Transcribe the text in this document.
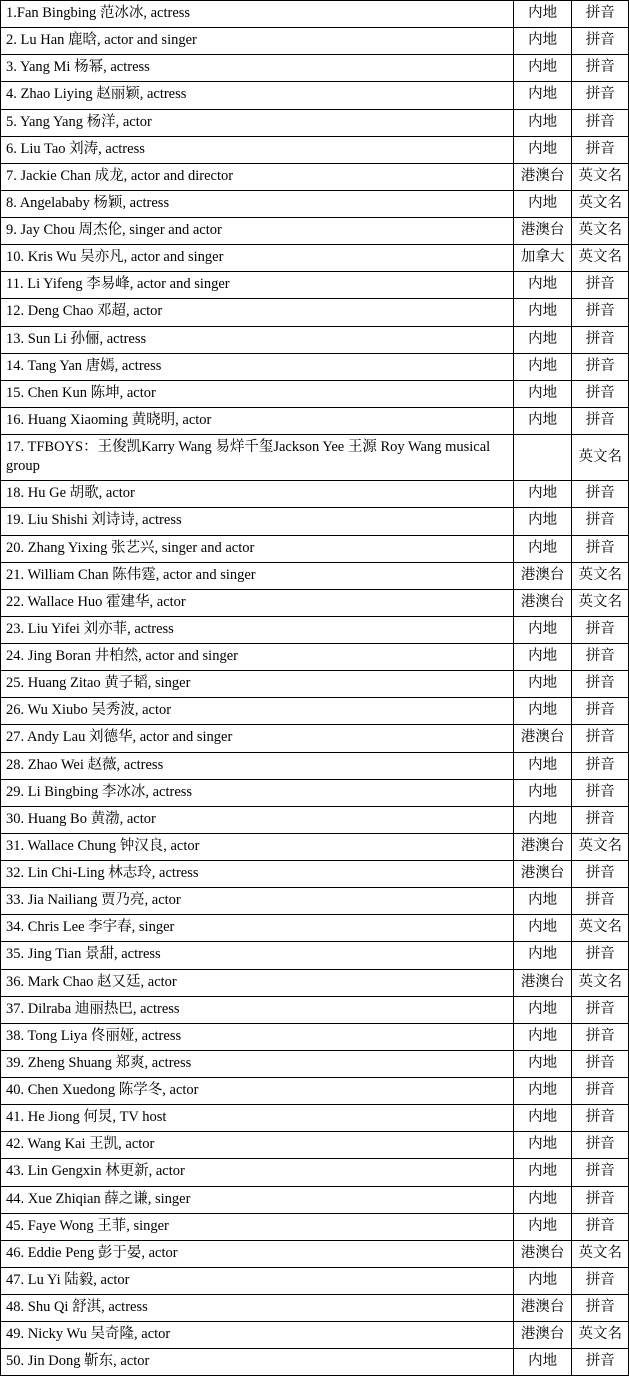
1.Fan Bingbing 范冰冰, actress	内地	拼音
2. Lu Han 鹿晗, actor and singer	内地	拼音
3. Yang Mi 杨幂, actress	内地	拼音
4. Zhao Liying 赵丽颖, actress	内地	拼音
5. Yang Yang 杨洋, actor	内地	拼音
6. Liu Tao 刘涛, actress	内地	拼音
7. Jackie Chan 成龙, actor and director	港澳台	英文名
8. Angelababy 杨颖, actress	内地	英文名
9. Jay Chou 周杰伦, singer and actor	港澳台	英文名
10. Kris Wu 吴亦凡, actor and singer	加拿大	英文名
11. Li Yifeng 李易峰, actor and singer	内地	拼音
12. Deng Chao 邓超, actor	内地	拼音
13. Sun Li 孙俪, actress	内地	拼音
14. Tang Yan 唐嫣, actress	内地	拼音
15. Chen Kun 陈坤, actor	内地	拼音
16. Huang Xiaoming 黄晓明, actor	内地	拼音
17. TFBOYS：王俊凯Karry Wang 易烊千玺Jackson Yee 王源 Roy Wang musical group		英文名
18. Hu Ge 胡歌, actor	内地	拼音
19. Liu Shishi 刘诗诗, actress	内地	拼音
20. Zhang Yixing 张艺兴, singer and actor	内地	拼音
21. William Chan 陈伟霆, actor and singer	港澳台	英文名
22. Wallace Huo 霍建华, actor	港澳台	英文名
23. Liu Yifei 刘亦菲, actress	内地	拼音
24. Jing Boran 井柏然, actor and singer	内地	拼音
25. Huang Zitao 黄子韬, singer	内地	拼音
26. Wu Xiubo 吴秀波, actor	内地	拼音
27. Andy Lau 刘德华, actor and singer	港澳台	拼音
28. Zhao Wei 赵薇, actress	内地	拼音
29. Li Bingbing 李冰冰, actress	内地	拼音
30. Huang Bo 黄渤, actor	内地	拼音
31. Wallace Chung 钟汉良, actor	港澳台	英文名
32. Lin Chi-Ling 林志玲, actress	港澳台	拼音
33. Jia Nailiang 贾乃亮, actor	内地	拼音
34. Chris Lee 李宇春, singer	内地	英文名
35. Jing Tian 景甜, actress	内地	拼音
36. Mark Chao 赵又廷, actor	港澳台	英文名
37. Dilraba 迪丽热巴, actress	内地	拼音
38. Tong Liya 佟丽娅, actress	内地	拼音
39. Zheng Shuang 郑爽, actress	内地	拼音
40. Chen Xuedong 陈学冬, actor	内地	拼音
41. He Jiong 何炅, TV host	内地	拼音
42. Wang Kai 王凯, actor	内地	拼音
43. Lin Gengxin 林更新, actor	内地	拼音
44. Xue Zhiqian 薛之谦, singer	内地	拼音
45. Faye Wong 王菲, singer	内地	拼音
46. Eddie Peng 彭于晏, actor	港澳台	英文名
47. Lu Yi 陆毅, actor	内地	拼音
48. Shu Qi 舒淇, actress	港澳台	拼音
49. Nicky Wu 吴奇隆, actor	港澳台	英文名
50. Jin Dong 靳东, actor	内地	拼音
